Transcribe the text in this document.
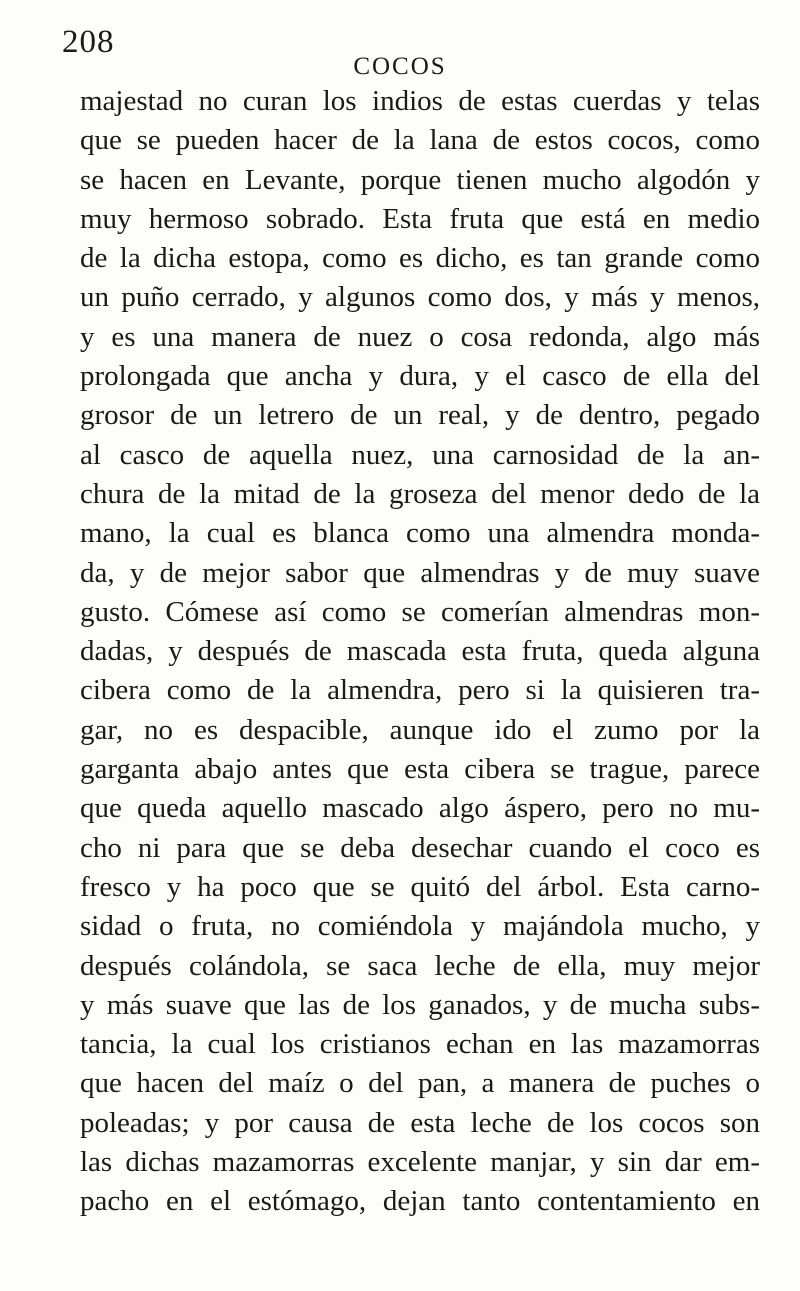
208
COCOS
majestad no curan los indios de estas cuerdas y telas
que se pueden hacer de la lana de estos cocos, como
se hacen en Levante, porque tienen mucho algodón y
muy hermoso sobrado. Esta fruta que está en medio
de la dicha estopa, como es dicho, es tan grande como
un puño cerrado, y algunos como dos, y más y menos,
y es una manera de nuez o cosa redonda, algo más
prolongada que ancha y dura, y el casco de ella del
grosor de un letrero de un real, y de dentro, pegado
al casco de aquella nuez, una carnosidad de la an-
chura de la mitad de la groseza del menor dedo de la
mano, la cual es blanca como una almendra monda-
da, y de mejor sabor que almendras y de muy suave
gusto. Cómese así como se comerían almendras mon-
dadas, y después de mascada esta fruta, queda alguna
cibera como de la almendra, pero si la quisieren tra-
gar, no es despacible, aunque ido el zumo por la
garganta abajo antes que esta cibera se trague, parece
que queda aquello mascado algo áspero, pero no mu-
cho ni para que se deba desechar cuando el coco es
fresco y ha poco que se quitó del árbol. Esta carno-
sidad o fruta, no comiéndola y majándola mucho, y
después colándola, se saca leche de ella, muy mejor
y más suave que las de los ganados, y de mucha subs-
tancia, la cual los cristianos echan en las mazamorras
que hacen del maíz o del pan, a manera de puches o
poleadas; y por causa de esta leche de los cocos son
las dichas mazamorras excelente manjar, y sin dar em-
pacho en el estómago, dejan tanto contentamiento en
